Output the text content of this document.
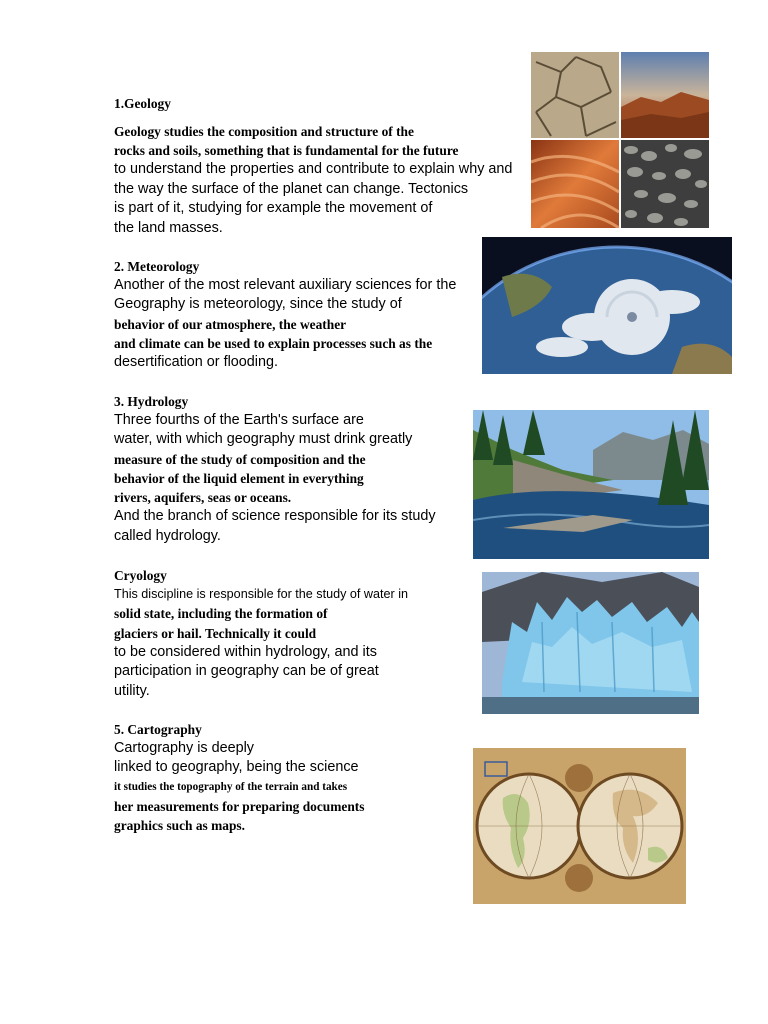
1.Geology
Geology studies the composition and structure of the
rocks and soils, something that is fundamental for the future
to understand the properties and contribute to explain why and
the way the surface of the planet can change. Tectonics
is part of it, studying for example the movement of
the land masses.
2. Meteorology
Another of the most relevant auxiliary sciences for the
Geography is meteorology, since the study of
behavior of our atmosphere, the weather
and climate can be used to explain processes such as the
desertification or flooding.
3. Hydrology
Three fourths of the Earth's surface are
water, with which geography must drink greatly
measure of the study of composition and the
behavior of the liquid element in everything
rivers, aquifers, seas or oceans.
And the branch of science responsible for its study
called hydrology.
Cryology
This discipline is responsible for the study of water in
solid state, including the formation of
glaciers or hail. Technically it could
to be considered within hydrology, and its
participation in geography can be of great
utility.
5. Cartography
Cartography is deeply
linked to geography, being the science
it studies the topography of the terrain and takes
her measurements for preparing documents
graphics such as maps.
